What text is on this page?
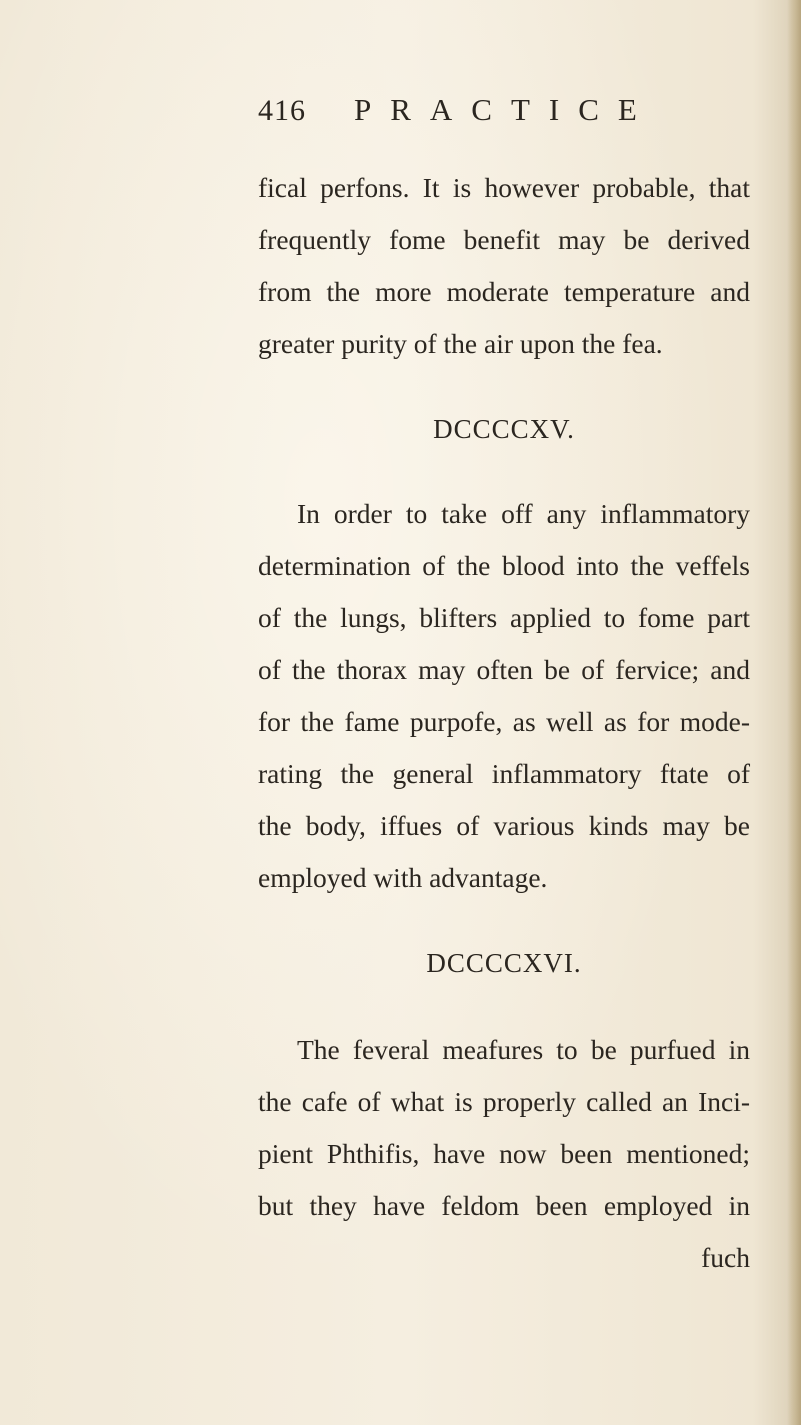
416 PRACTICE
fical perfons. It is however probable, that
frequently fome benefit may be derived
from the more moderate temperature and
greater purity of the air upon the fea.
DCCCCXV.
In order to take off any inflammatory
determination of the blood into the veffels
of the lungs, blifters applied to fome part
of the thorax may often be of fervice; and
for the fame purpofe, as well as for mode-
rating the general inflammatory ftate of
the body, iffues of various kinds may be
employed with advantage.
DCCCCXVI.
The feveral meafures to be purfued in
the cafe of what is properly called an Inci-
pient Phthifis, have now been mentioned;
but they have feldom been employed in
fuch
